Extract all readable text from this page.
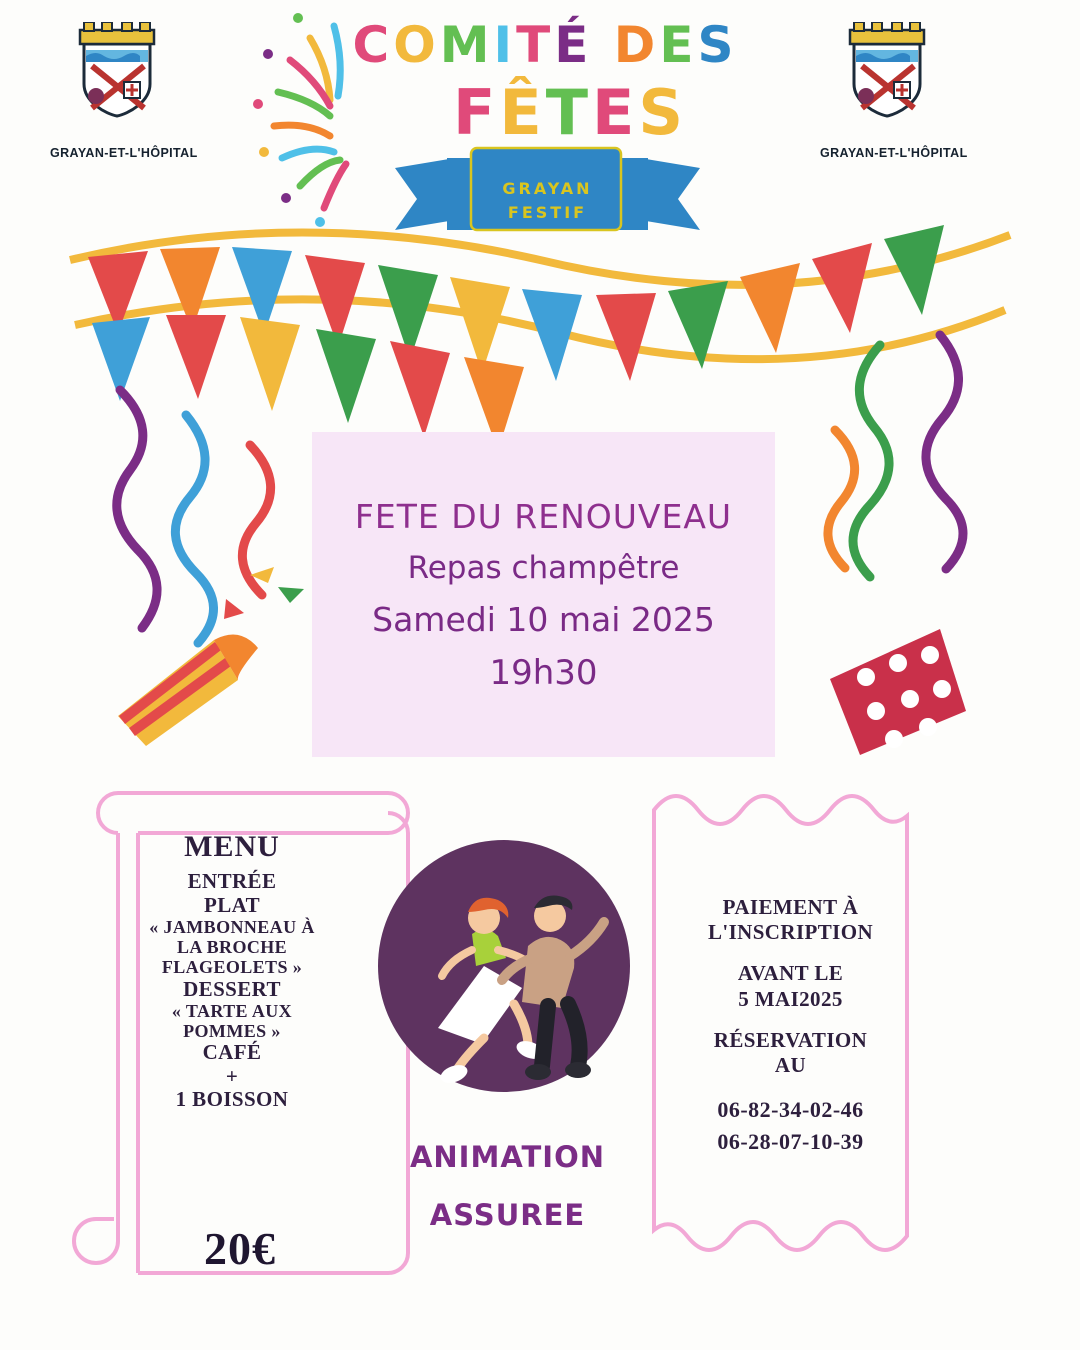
GRAYAN-ET-L'HÔPITAL	GRAYAN-ET-L'HÔPITAL
COMITÉ DES
FÊTES
GRAYAN
FESTIF
FETE DU RENOUVEAU
Repas champêtre
Samedi 10 mai 2025
19h30
MENU
ENTRÉE
PLAT
« JAMBONNEAU À
LA BROCHE
FLAGEOLETS »
DESSERT
« TARTE AUX
POMMES »
CAFÉ
+
1 BOISSON
20€
ANIMATION
ASSUREE
PAIEMENT À
L'INSCRIPTION
AVANT LE
5 MAI2025
RÉSERVATION
AU
06-82-34-02-46
06-28-07-10-39
